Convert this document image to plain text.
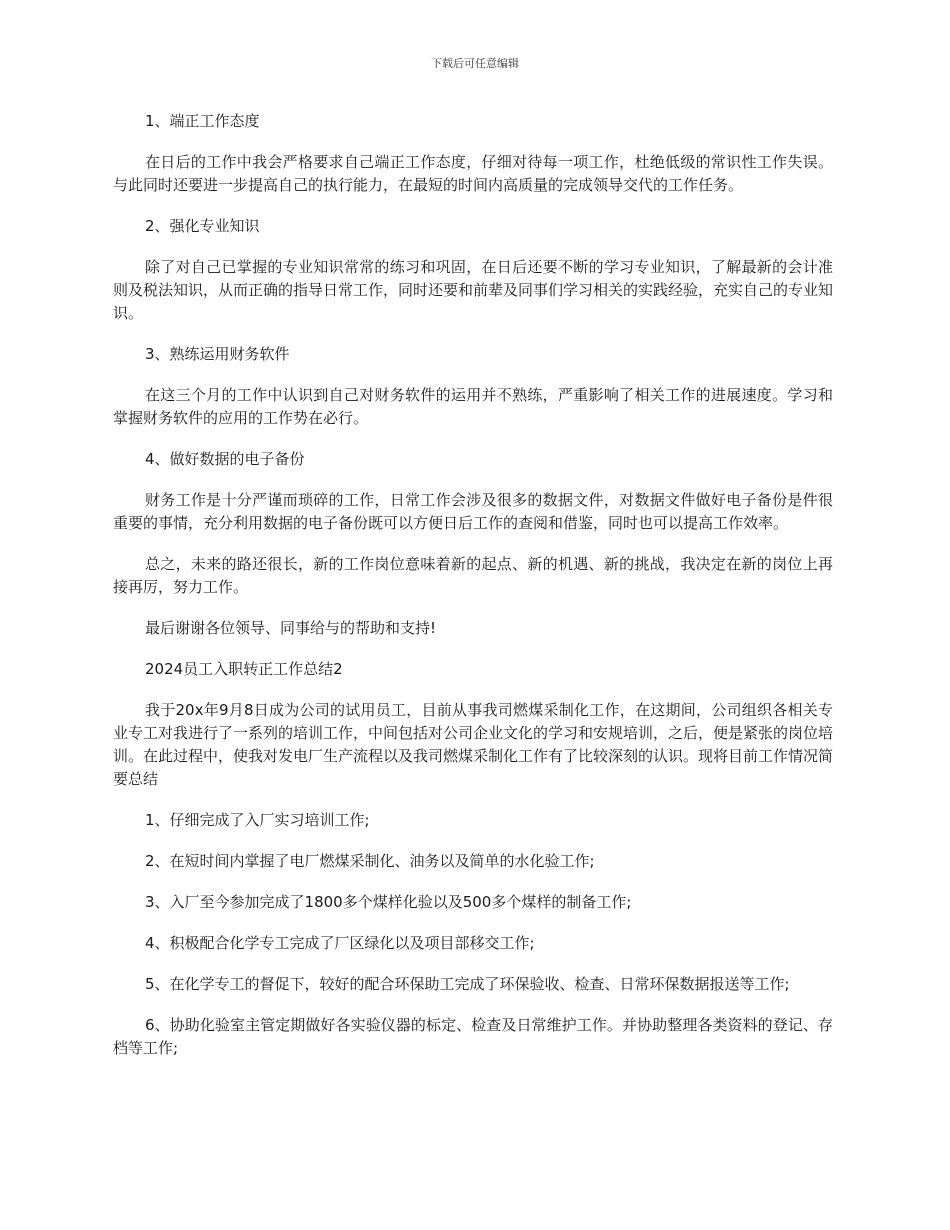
下载后可任意编辑

1、端正工作态度

在日后的工作中我会严格要求自己端正工作态度，仔细对待每一项工作，杜绝低级的常识性工作失误。与此同时还要进一步提高自己的执行能力，在最短的时间内高质量的完成领导交代的工作任务。

2、强化专业知识

除了对自己已掌握的专业知识常常的练习和巩固，在日后还要不断的学习专业知识，了解最新的会计准则及税法知识，从而正确的指导日常工作，同时还要和前辈及同事们学习相关的实践经验，充实自己的专业知识。

3、熟练运用财务软件

在这三个月的工作中认识到自己对财务软件的运用并不熟练，严重影响了相关工作的进展速度。学习和掌握财务软件的应用的工作势在必行。

4、做好数据的电子备份

财务工作是十分严谨而琐碎的工作，日常工作会涉及很多的数据文件，对数据文件做好电子备份是件很重要的事情，充分利用数据的电子备份既可以方便日后工作的查阅和借鉴，同时也可以提高工作效率。

总之，未来的路还很长，新的工作岗位意味着新的起点、新的机遇、新的挑战，我决定在新的岗位上再接再厉，努力工作。

最后谢谢各位领导、同事给与的帮助和支持!

2024员工入职转正工作总结2

我于20x年9月8日成为公司的试用员工，目前从事我司燃煤采制化工作，在这期间，公司组织各相关专业专工对我进行了一系列的培训工作，中间包括对公司企业文化的学习和安规培训，之后，便是紧张的岗位培训。在此过程中，使我对发电厂生产流程以及我司燃煤采制化工作有了比较深刻的认识。现将目前工作情况简要总结

1、仔细完成了入厂实习培训工作;

2、在短时间内掌握了电厂燃煤采制化、油务以及简单的水化验工作;

3、入厂至今参加完成了1800多个煤样化验以及500多个煤样的制备工作;

4、积极配合化学专工完成了厂区绿化以及项目部移交工作;

5、在化学专工的督促下，较好的配合环保助工完成了环保验收、检查、日常环保数据报送等工作;

6、协助化验室主管定期做好各实验仪器的标定、检查及日常维护工作。并协助整理各类资料的登记、存档等工作;
